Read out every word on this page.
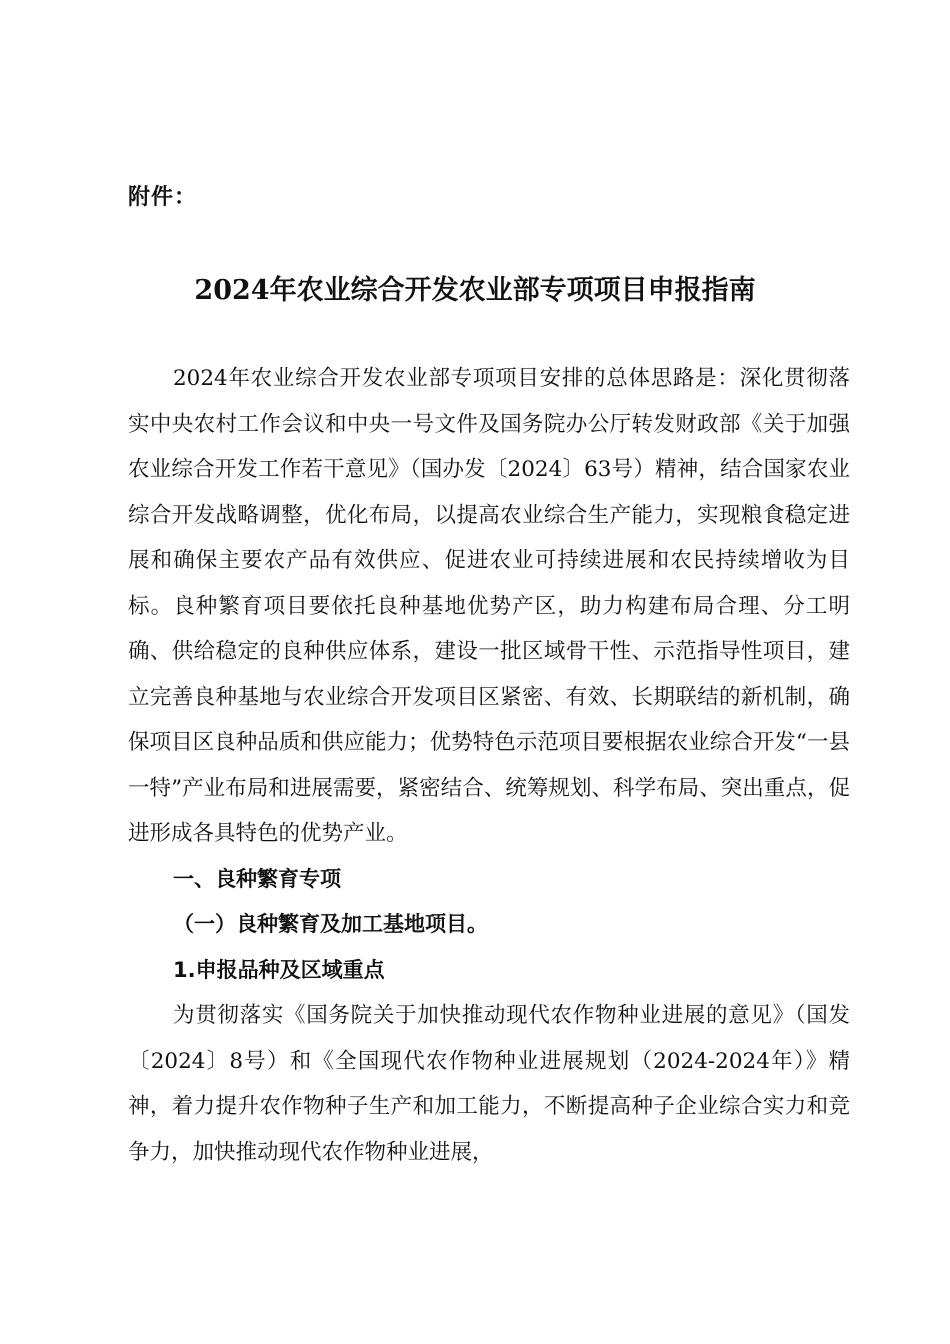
附件：
2024年农业综合开发农业部专项项目申报指南

2024年农业综合开发农业部专项项目安排的总体思路是：深化贯彻落实中央农村工作会议和中央一号文件及国务院办公厅转发财政部《关于加强农业综合开发工作若干意见》（国办发〔2024〕63号）精神，结合国家农业综合开发战略调整，优化布局，以提高农业综合生产能力，实现粮食稳定进展和确保主要农产品有效供应、促进农业可持续进展和农民持续增收为目标。良种繁育项目要依托良种基地优势产区，助力构建布局合理、分工明确、供给稳定的良种供应体系，建设一批区域骨干性、示范指导性项目，建立完善良种基地与农业综合开发项目区紧密、有效、长期联结的新机制，确保项目区良种品质和供应能力；优势特色示范项目要根据农业综合开发“一县一特”产业布局和进展需要，紧密结合、统筹规划、科学布局、突出重点，促进形成各具特色的优势产业。

一、良种繁育专项

（一）良种繁育及加工基地项目。

1.申报品种及区域重点

为贯彻落实《国务院关于加快推动现代农作物种业进展的意见》（国发〔2024〕8号）和《全国现代农作物种业进展规划（2024-2024年）》精神，着力提升农作物种子生产和加工能力，不断提高种子企业综合实力和竞争力，加快推动现代农作物种业进展，
